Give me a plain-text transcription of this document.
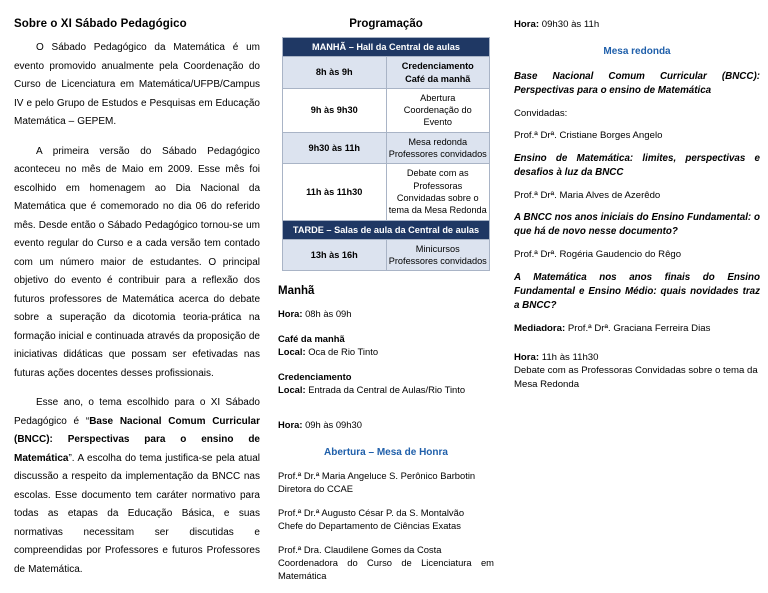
Sobre o XI Sábado Pedagógico

O Sábado Pedagógico da Matemática é um evento promovido anualmente pela Coordenação do Curso de Licenciatura em Matemática/UFPB/Campus IV e pelo Grupo de Estudos e Pesquisas em Educação Matemática – GEPEM.

A primeira versão do Sábado Pedagógico aconteceu no mês de Maio em 2009. Esse mês foi escolhido em homenagem ao Dia Nacional da Matemática que é comemorado no dia 06 do referido mês. Desde então o Sábado Pedagógico tornou-se um evento regular do Curso e a cada versão tem contado com um número maior de estudantes. O principal objetivo do evento é contribuir para a reflexão dos futuros professores de Matemática acerca do debate sobre a superação da dicotomia teoria-prática na formação inicial e continuada através da proposição de iniciativas didáticas que possam ser efetivadas nas futuras ações docentes desses profissionais.

Esse ano, o tema escolhido para o XI Sábado Pedagógico é “Base Nacional Comum Curricular (BNCC): Perspectivas para o ensino de Matemática”. A escolha do tema justifica-se pela atual discussão a respeito da implementação da BNCC nas escolas. Esse documento tem caráter normativo para todas as etapas da Educação Básica, e suas normativas necessitam ser discutidas e compreendidas por Professores e futuros Professores de Matemática.

Programação
MANHÃ – Hall da Central de aulas	
8h às 9h	Credenciamento
Café da manhã
9h às 9h30	Abertura
Coordenação do Evento
9h30 às 11h	Mesa redonda
Professores convidados
11h às 11h30	Debate com as Professoras Convidadas sobre o tema da Mesa Redonda
TARDE – Salas de aula da Central de aulas	
13h às 16h	Minicursos
Professores convidados
Manhã

Hora: 08h às 09h

Café da manhã

Local: Oca de Rio Tinto

Credenciamento

Local: Entrada da Central de Aulas/Rio Tinto

Hora: 09h às 09h30

Abertura – Mesa de Honra

Prof.ª Dr.ª Maria Angeluce S. Perônico Barbotin
Diretora do CCAE

Prof.ª Dr.ª Augusto César P. da S. Montalvão
Chefe do Departamento de Ciências Exatas

Prof.ª Dra. Claudilene Gomes da Costa
Coordenadora do Curso de Licenciatura em Matemática

Hora: 09h30 às 11h

Mesa redonda

Base Nacional Comum Curricular (BNCC): Perspectivas para o ensino de Matemática

Convidadas:

Prof.ª Drª. Cristiane Borges Angelo

Ensino de Matemática: limites, perspectivas e desafios à luz da BNCC

Prof.ª Drª. Maria Alves de Azerêdo

A BNCC nos anos iniciais do Ensino Fundamental: o que há de novo nesse documento?

Prof.ª Drª. Rogéria Gaudencio do Rêgo

A Matemática nos anos finais do Ensino Fundamental e Ensino Médio: quais novidades traz a BNCC?

Mediadora: Prof.ª Drª. Graciana Ferreira Dias

Hora: 11h às 11h30

Debate com as Professoras Convidadas sobre o tema da Mesa Redonda
